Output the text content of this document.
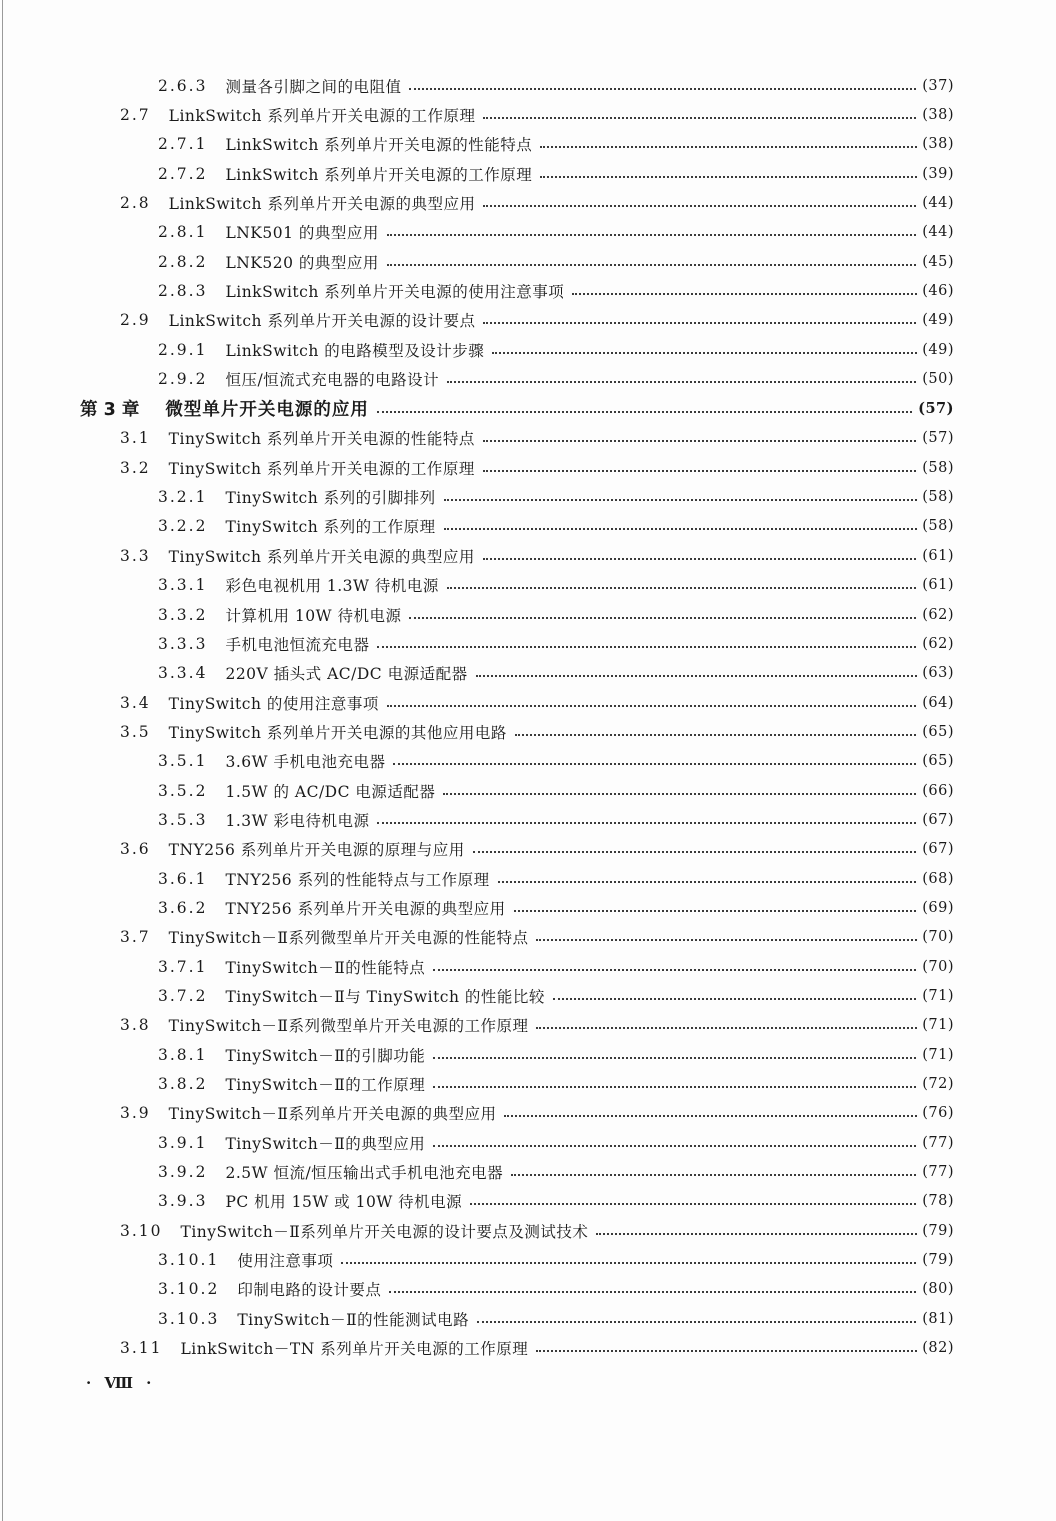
2.6.3 测量各引脚之间的电阻值	(37)
2.7 LinkSwitch 系列单片开关电源的工作原理	(38)
2.7.1 LinkSwitch 系列单片开关电源的性能特点	(38)
2.7.2 LinkSwitch 系列单片开关电源的工作原理	(39)
2.8 LinkSwitch 系列单片开关电源的典型应用	(44)
2.8.1 LNK501 的典型应用	(44)
2.8.2 LNK520 的典型应用	(45)
2.8.3 LinkSwitch 系列单片开关电源的使用注意事项	(46)
2.9 LinkSwitch 系列单片开关电源的设计要点	(49)
2.9.1 LinkSwitch 的电路模型及设计步骤	(49)
2.9.2 恒压/恒流式充电器的电路设计	(50)
第 3 章 微型单片开关电源的应用	(57)
3.1 TinySwitch 系列单片开关电源的性能特点	(57)
3.2 TinySwitch 系列单片开关电源的工作原理	(58)
3.2.1 TinySwitch 系列的引脚排列	(58)
3.2.2 TinySwitch 系列的工作原理	(58)
3.3 TinySwitch 系列单片开关电源的典型应用	(61)
3.3.1 彩色电视机用 1.3W 待机电源	(61)
3.3.2 计算机用 10W 待机电源	(62)
3.3.3 手机电池恒流充电器	(62)
3.3.4 220V 插头式 AC/DC 电源适配器	(63)
3.4 TinySwitch 的使用注意事项	(64)
3.5 TinySwitch 系列单片开关电源的其他应用电路	(65)
3.5.1 3.6W 手机电池充电器	(65)
3.5.2 1.5W 的 AC/DC 电源适配器	(66)
3.5.3 1.3W 彩电待机电源	(67)
3.6 TNY256 系列单片开关电源的原理与应用	(67)
3.6.1 TNY256 系列的性能特点与工作原理	(68)
3.6.2 TNY256 系列单片开关电源的典型应用	(69)
3.7 TinySwitch－Ⅱ系列微型单片开关电源的性能特点	(70)
3.7.1 TinySwitch－Ⅱ的性能特点	(70)
3.7.2 TinySwitch－Ⅱ与 TinySwitch 的性能比较	(71)
3.8 TinySwitch－Ⅱ系列微型单片开关电源的工作原理	(71)
3.8.1 TinySwitch－Ⅱ的引脚功能	(71)
3.8.2 TinySwitch－Ⅱ的工作原理	(72)
3.9 TinySwitch－Ⅱ系列单片开关电源的典型应用	(76)
3.9.1 TinySwitch－Ⅱ的典型应用	(77)
3.9.2 2.5W 恒流/恒压输出式手机电池充电器	(77)
3.9.3 PC 机用 15W 或 10W 待机电源	(78)
3.10 TinySwitch－Ⅱ系列单片开关电源的设计要点及测试技术	(79)
3.10.1 使用注意事项	(79)
3.10.2 印制电路的设计要点	(80)
3.10.3 TinySwitch－Ⅱ的性能测试电路	(81)
3.11 LinkSwitch－TN 系列单片开关电源的工作原理	(82)
· Ⅷ ·
